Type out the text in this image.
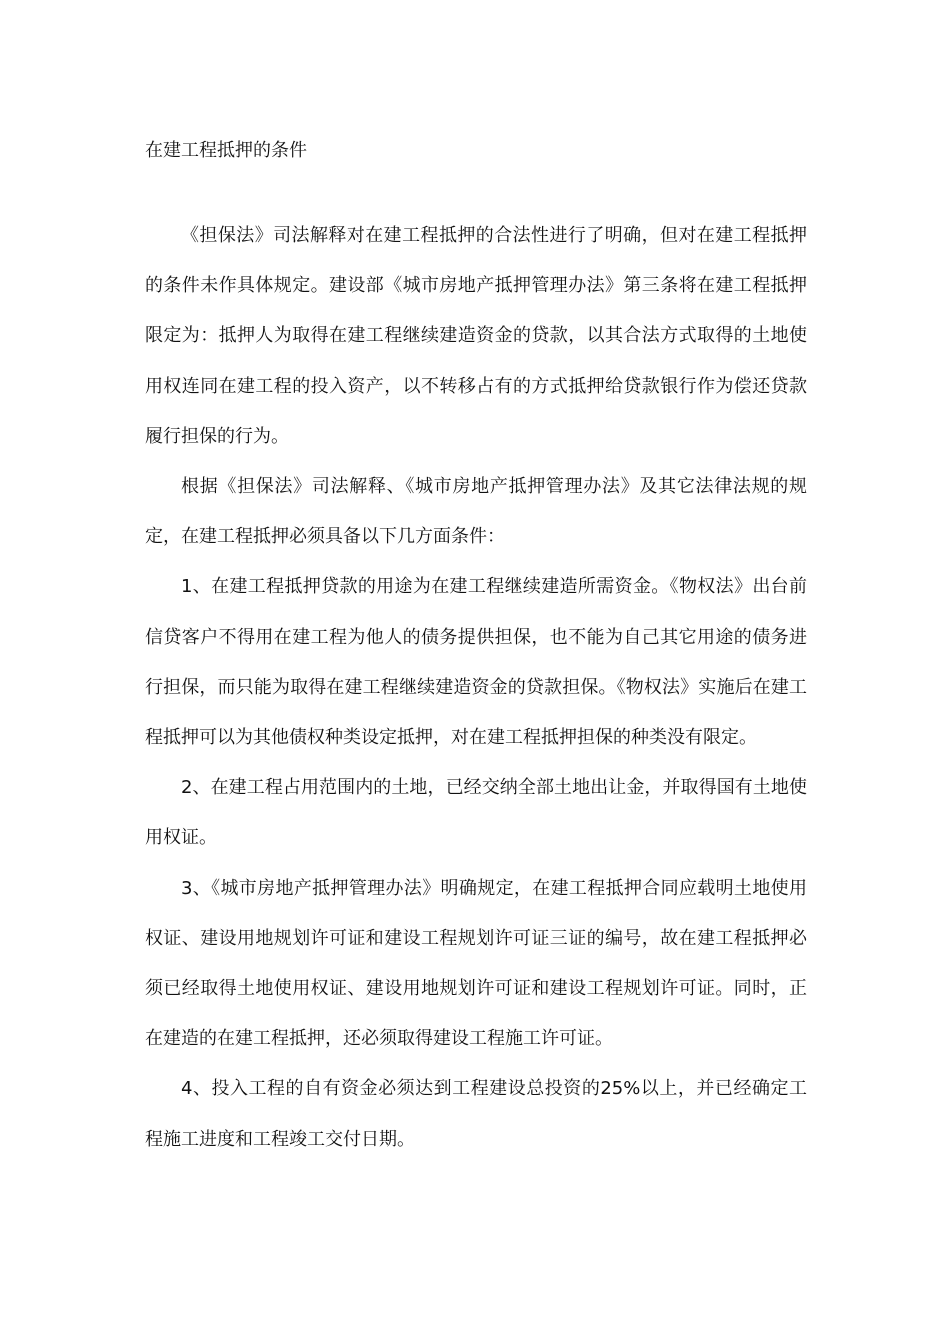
在建工程抵押的条件

《担保法》司法解释对在建工程抵押的合法性进行了明确，但对在建工程抵押的条件未作具体规定。建设部《城市房地产抵押管理办法》第三条将在建工程抵押限定为：抵押人为取得在建工程继续建造资金的贷款，以其合法方式取得的土地使用权连同在建工程的投入资产，以不转移占有的方式抵押给贷款银行作为偿还贷款履行担保的行为。

根据《担保法》司法解释、《城市房地产抵押管理办法》及其它法律法规的规定，在建工程抵押必须具备以下几方面条件：

1、在建工程抵押贷款的用途为在建工程继续建造所需资金。《物权法》出台前信贷客户不得用在建工程为他人的债务提供担保，也不能为自己其它用途的债务进行担保，而只能为取得在建工程继续建造资金的贷款担保。《物权法》实施后在建工程抵押可以为其他债权种类设定抵押，对在建工程抵押担保的种类没有限定。

2、在建工程占用范围内的土地，已经交纳全部土地出让金，并取得国有土地使用权证。

3、《城市房地产抵押管理办法》明确规定，在建工程抵押合同应载明土地使用权证、建设用地规划许可证和建设工程规划许可证三证的编号，故在建工程抵押必须已经取得土地使用权证、建设用地规划许可证和建设工程规划许可证。同时，正在建造的在建工程抵押，还必须取得建设工程施工许可证。

4、投入工程的自有资金必须达到工程建设总投资的25%以上，并已经确定工程施工进度和工程竣工交付日期。
